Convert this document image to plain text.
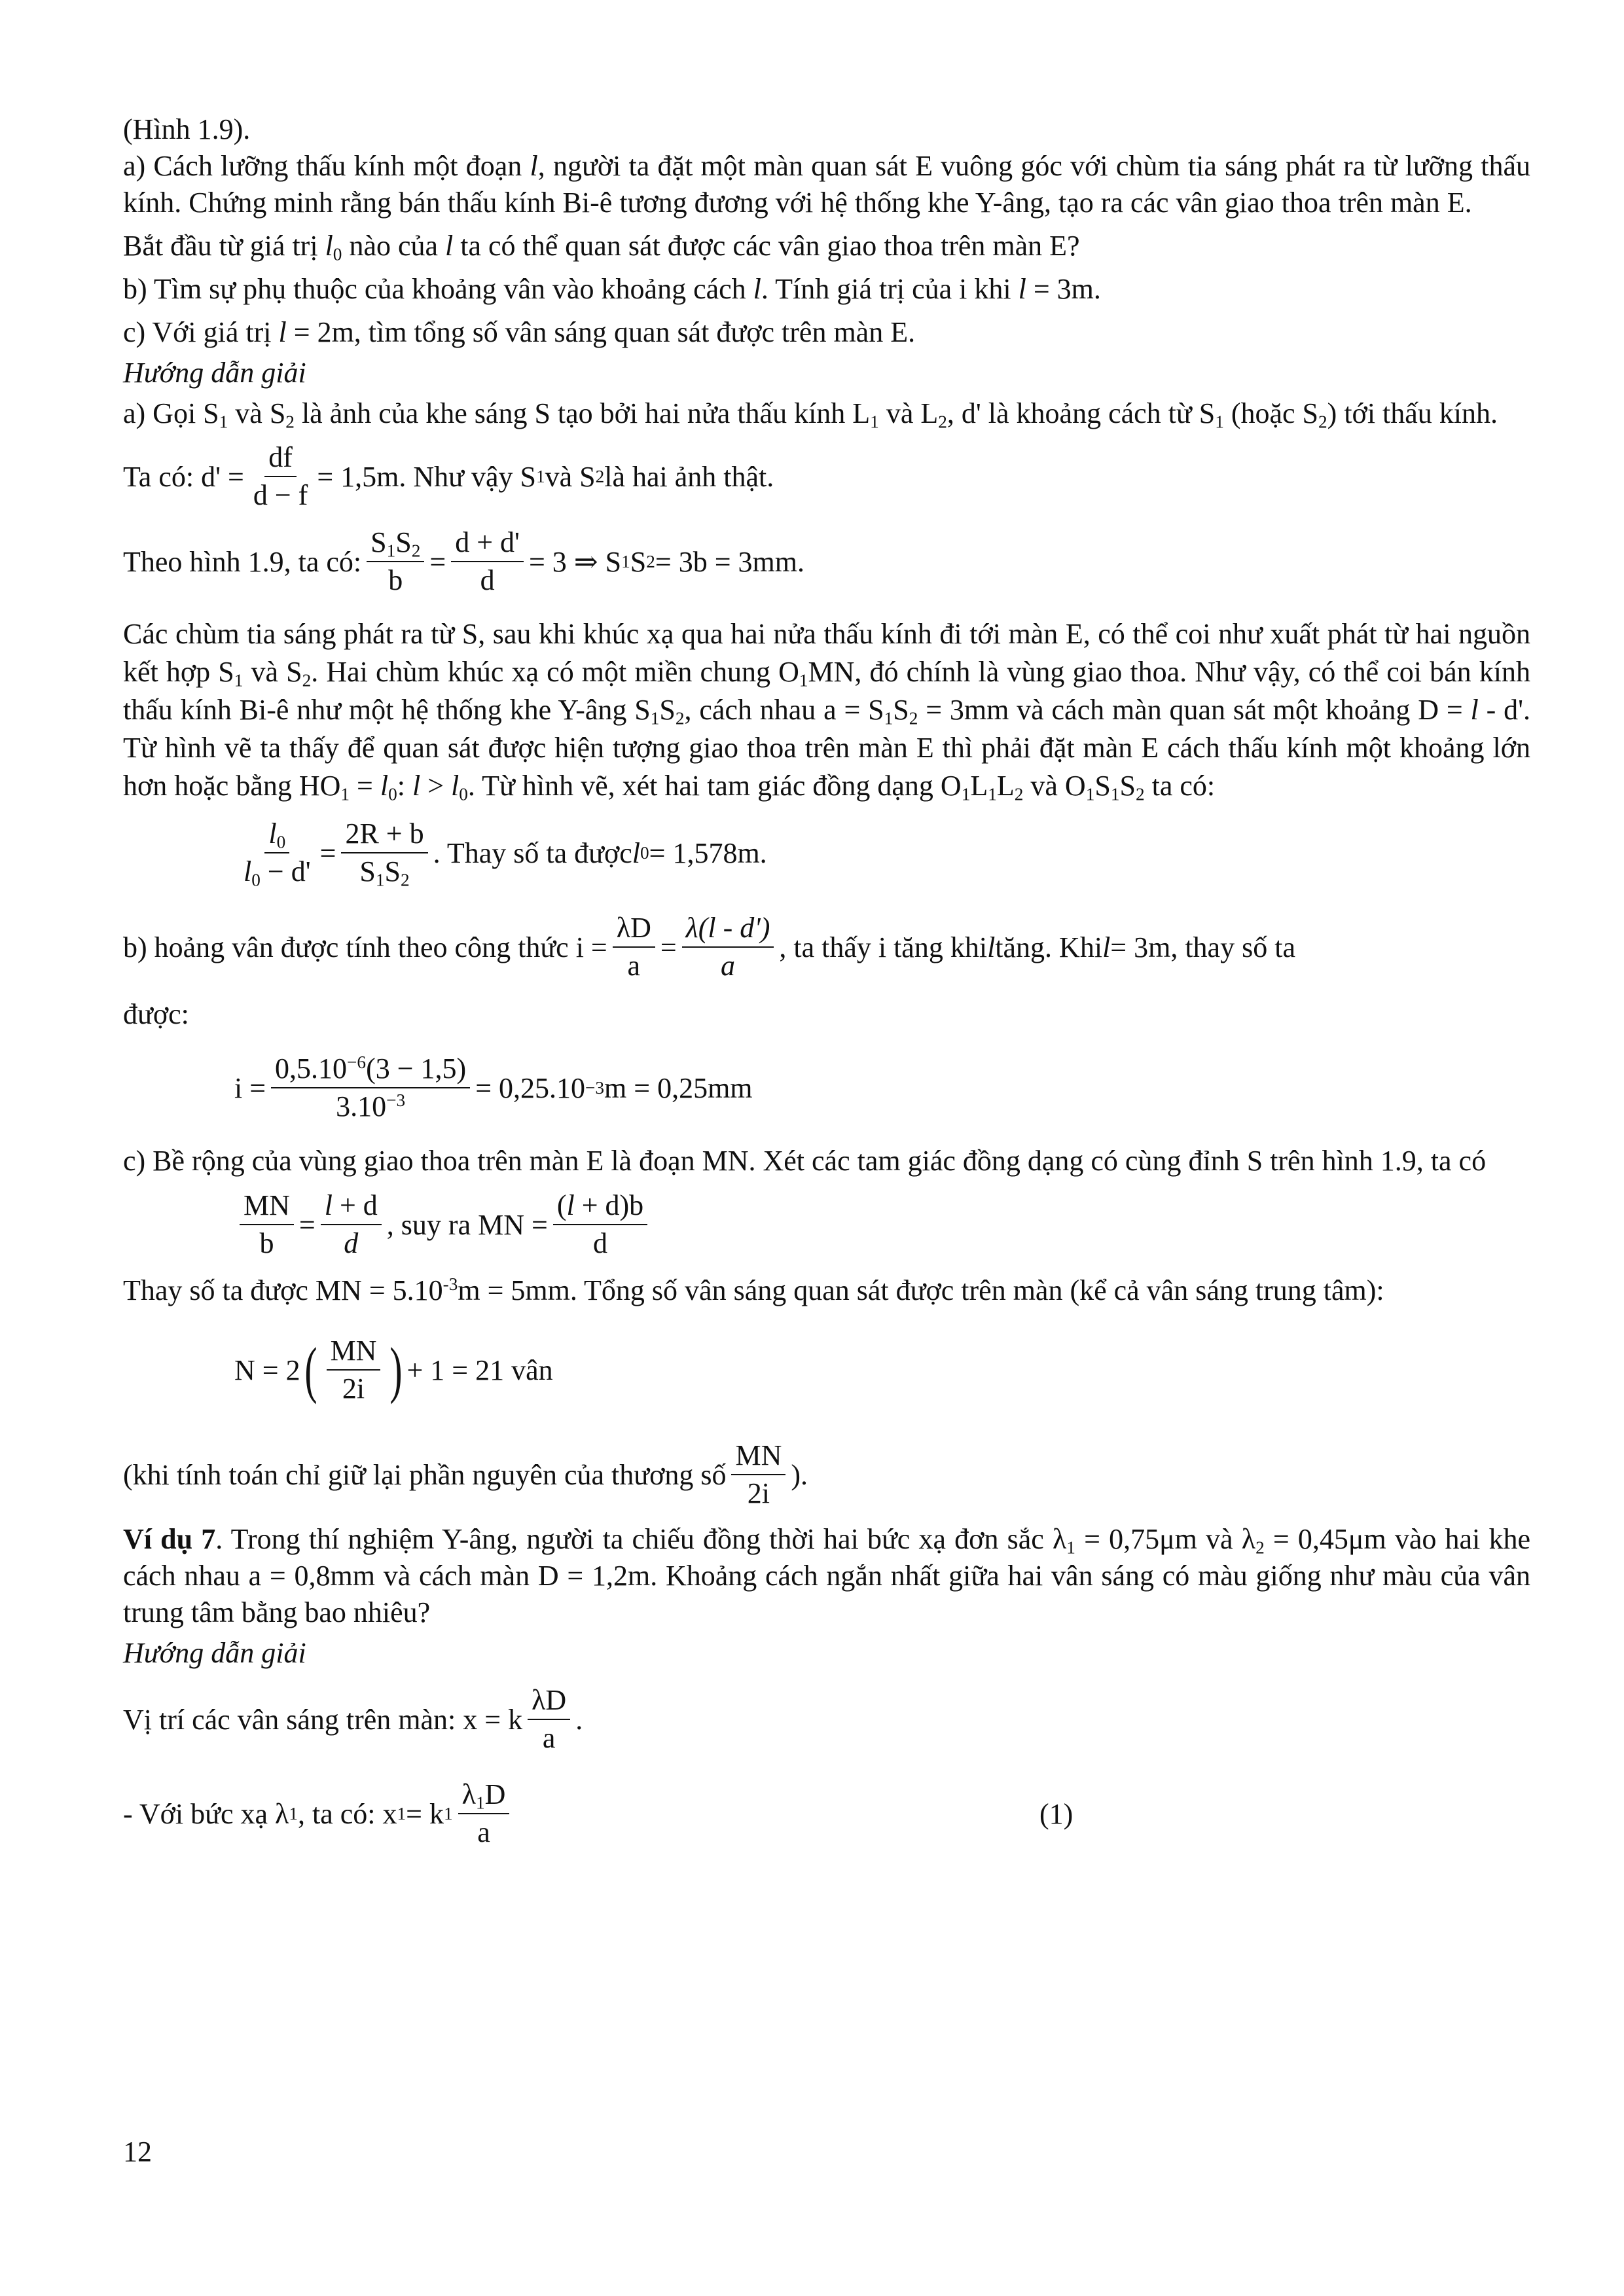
(Hình 1.9).

a) Cách lưỡng thấu kính một đoạn l, người ta đặt một màn quan sát E vuông góc với chùm tia sáng phát ra từ lưỡng thấu kính. Chứng minh rằng bán thấu kính Bi-ê tương đương với hệ thống khe Y-âng, tạo ra các vân giao thoa trên màn E.

Bắt đầu từ giá trị $l_0$ nào của l ta có thể quan sát được các vân giao thoa trên màn E?

b) Tìm sự phụ thuộc của khoảng vân vào khoảng cách l. Tính giá trị của i khi l = 3m.

c) Với giá trị l = 2m, tìm tổng số vân sáng quan sát được trên màn E.

Hướng dẫn giải

a) Gọi $S_1$ và $S_2$ là ảnh của khe sáng S tạo bởi hai nửa thấu kính $L_1$ và $L_2$, d' là khoảng cách từ $S_1$ (hoặc $S_2$) tới thấu kính.

Ta có: $d' = \frac{df}{d - f} = 1,5m$. Như vậy S 1 và S 2 là hai ảnh thật.
Theo hình 1.9, ta có: $\frac{S_1S_2}{b} = \frac{d + d'}{d} = 3$ ⇒ S 1 S 2 = 3b = 3mm.

Các chùm tia sáng phát ra từ S, sau khi khúc xạ qua hai nửa thấu kính đi tới màn E, có thể coi như xuất phát từ hai nguồn kết hợp $S_1$ và $S_2$. Hai chùm khúc xạ có một miền chung $O_1MN$, đó chính là vùng giao thoa. Như vậy, có thể coi bán kính thấu kính Bi-ê như một hệ thống khe Y-âng $S_1S_2$, cách nhau $a = S_1S_2 = 3mm$ và cách màn quan sát một khoảng D = l - d'. Từ hình vẽ ta thấy để quan sát được hiện tượng giao thoa trên màn E thì phải đặt màn E cách thấu kính một khoảng lớn hơn hoặc bằng $HO_1 = l_0$: $l > l_0$. Từ hình vẽ, xét hai tam giác đồng dạng $O_1L_1L_2$ và $O_1S_1S_2$ ta có:

$\frac{l_0}{l_0 - d'} = \frac{2R + b}{S_1S_2}$ . Thay số ta được l 0 = 1,578m.
b) hoảng vân được tính theo công thức $i = \frac{\lambda D}{a} = \frac{\lambda(l - d')}{a}$ , ta thấy i tăng khi l tăng. Khi l = 3m, thay số ta

được:

$i = \frac{0,5.10^{-6}(3 - 1,5)}{3.10^{-3}} = 0,25.10 -3$ m = 0,25mm

c) Bề rộng của vùng giao thoa trên màn E là đoạn MN. Xét các tam giác đồng dạng có cùng đỉnh S trên hình 1.9, ta có

$\frac{MN}{b} = \frac{l + d}{d}$ , suy ra MN = $\frac{(l + d)b}{d}$

Thay số ta được MN = $5.10^{-3}m = 5mm$. Tổng số vân sáng quan sát được trên màn (kể cả vân sáng trung tâm):

N = 2 ( $\frac{MN}{2i}$ ) + 1 = 21 vân
(khi tính toán chỉ giữ lại phần nguyên của thương số $\frac{MN}{2i}$ ).

Ví dụ 7. Trong thí nghiệm Y-âng, người ta chiếu đồng thời hai bức xạ đơn sắc $\lambda_1 = 0,75\mu m$ và $\lambda_2 = 0,45\mu m$ vào hai khe cách nhau a = 0,8mm và cách màn D = 1,2m. Khoảng cách ngắn nhất giữa hai vân sáng có màu giống như màu của vân trung tâm bằng bao nhiêu?

Hướng dẫn giải

Vị trí các vân sáng trên màn: x = k $\frac{\lambda D}{a}$ .
- Với bức xạ λ 1 , ta có: x 1 = k $1 \frac{\lambda_1D}{a}$	(1)
12
